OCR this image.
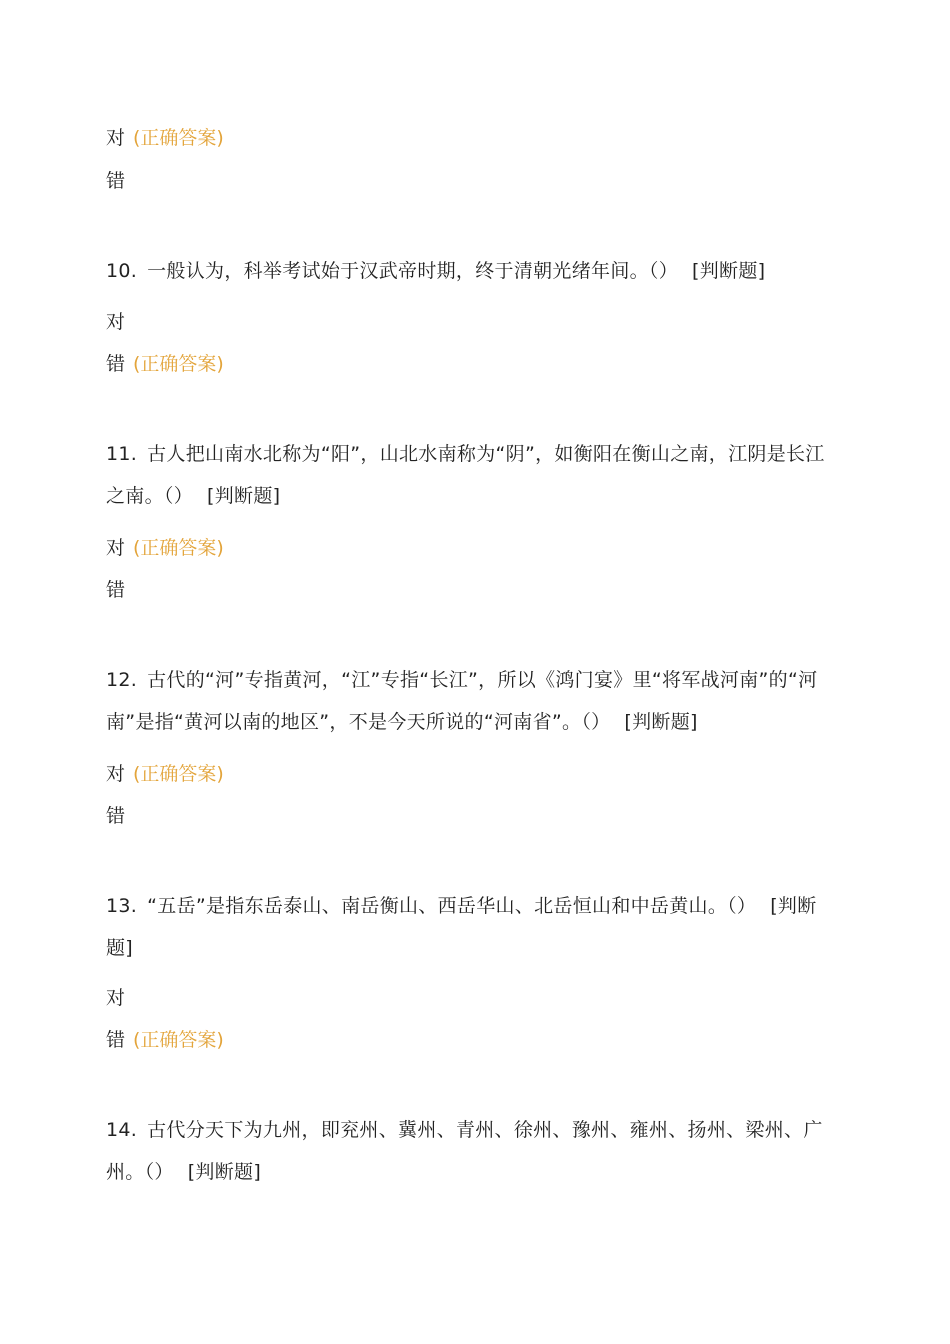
对 (正确答案)
错
10. 一般认为，科举考试始于汉武帝时期，终于清朝光绪年间。（） [判断题]
对
错 (正确答案)
11. 古人把山南水北称为“阳”，山北水南称为“阴”，如衡阳在衡山之南，江阴是长江之南。（） [判断题]
对 (正确答案)
错
12. 古代的“河”专指黄河，“江”专指“长江”，所以《鸿门宴》里“将军战河南”的“河南”是指“黄河以南的地区”，不是今天所说的“河南省”。（） [判断题]
对 (正确答案)
错
13. “五岳”是指东岳泰山、南岳衡山、西岳华山、北岳恒山和中岳黄山。（） [判断题]
对
错 (正确答案)
14. 古代分天下为九州，即兖州、冀州、青州、徐州、豫州、雍州、扬州、梁州、广州。（） [判断题]
